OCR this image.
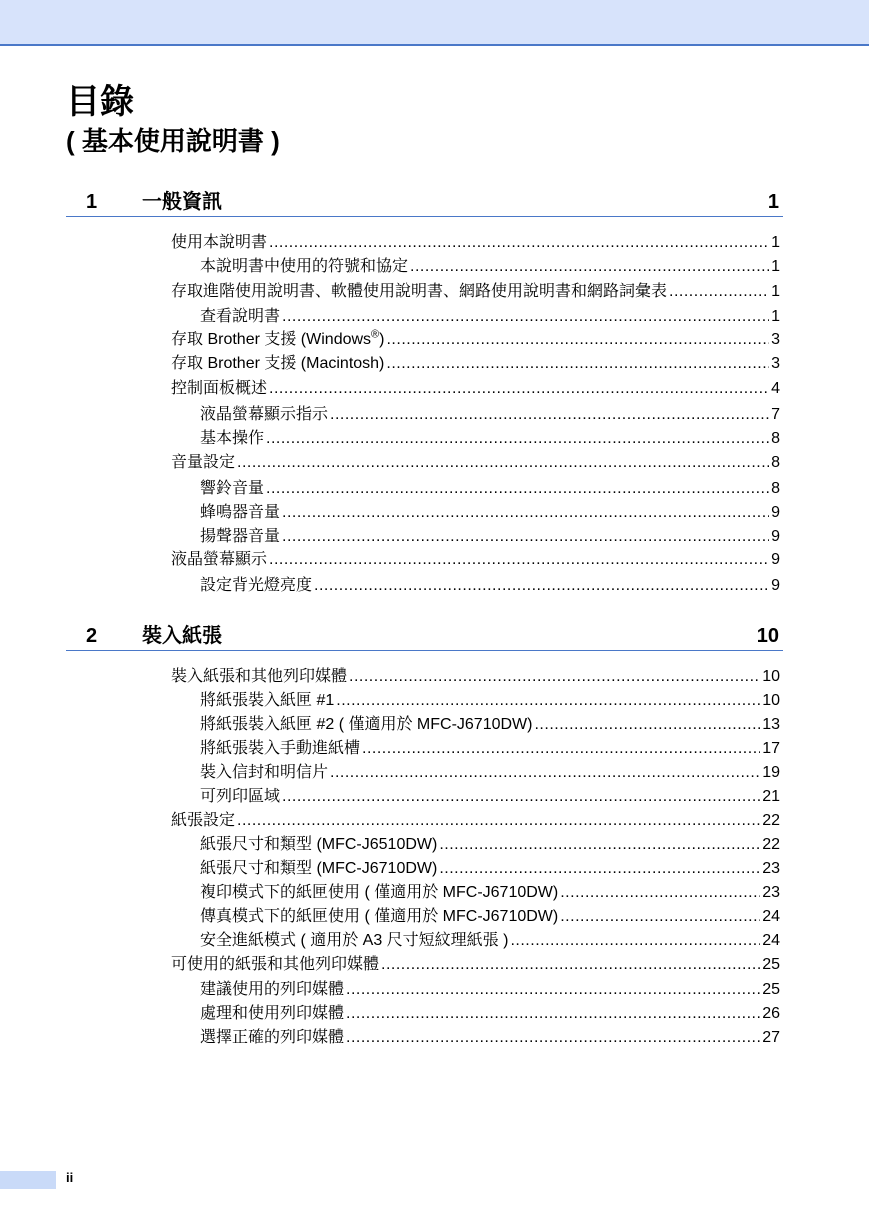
目錄
( 基本使用說明書 )
1 一般資訊	1
使用本說明書 .....	1
本說明書中使用的符號和協定 .....	1
存取進階使用說明書、軟體使用說明書、網路使用說明書和網路詞彙表 .....	1
查看說明書 .....	1
存取 Brother 支援 (Windows®) .....	3
存取 Brother 支援 (Macintosh) .....	3
控制面板概述 .....	4
液晶螢幕顯示指示 .....	7
基本操作 .....	8
音量設定 .....	8
響鈴音量 .....	8
蜂鳴器音量 .....	9
揚聲器音量 .....	9
液晶螢幕顯示 .....	9
設定背光燈亮度 .....	9
2 裝入紙張	10
裝入紙張和其他列印媒體 .....	10
將紙張裝入紙匣 #1 .....	10
將紙張裝入紙匣 #2 ( 僅適用於 MFC-J6710DW) .....	13
將紙張裝入手動進紙槽 .....	17
裝入信封和明信片 .....	19
可列印區域 .....	21
紙張設定 .....	22
紙張尺寸和類型 (MFC-J6510DW) .....	22
紙張尺寸和類型 (MFC-J6710DW) .....	23
複印模式下的紙匣使用 ( 僅適用於 MFC-J6710DW) .....	23
傳真模式下的紙匣使用 ( 僅適用於 MFC-J6710DW) .....	24
安全進紙模式 ( 適用於 A3 尺寸短紋理紙張 ) .....	24
可使用的紙張和其他列印媒體 .....	25
建議使用的列印媒體 .....	25
處理和使用列印媒體 .....	26
選擇正確的列印媒體 .....	27
ii
